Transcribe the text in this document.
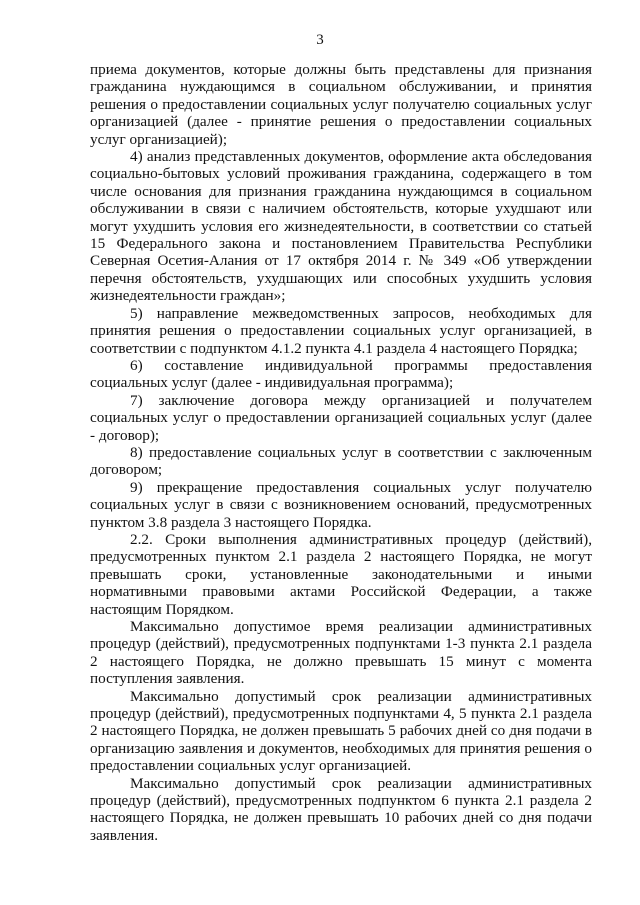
3

приема документов, которые должны быть представлены для признания гражданина нуждающимся в социальном обслуживании, и принятия решения о предоставлении социальных услуг получателю социальных услуг организацией (далее - принятие решения о предоставлении социальных услуг организацией);

4) анализ представленных документов, оформление акта обследования социально-бытовых условий проживания гражданина, содержащего в том числе основания для признания гражданина нуждающимся в социальном обслуживании в связи с наличием обстоятельств, которые ухудшают или могут ухудшить условия его жизнедеятельности, в соответствии со статьей 15 Федерального закона и постановлением Правительства Республики Северная Осетия-Алания от 17 октября 2014 г. № 349 «Об утверждении перечня обстоятельств, ухудшающих или способных ухудшить условия жизнедеятельности граждан»;

5) направление межведомственных запросов, необходимых для принятия решения о предоставлении социальных услуг организацией, в соответствии с подпунктом 4.1.2 пункта 4.1 раздела 4 настоящего Порядка;

6) составление индивидуальной программы предоставления социальных услуг (далее - индивидуальная программа);

7) заключение договора между организацией и получателем социальных услуг о предоставлении организацией социальных услуг (далее - договор);

8) предоставление социальных услуг в соответствии с заключенным договором;

9) прекращение предоставления социальных услуг получателю социальных услуг в связи с возникновением оснований, предусмотренных пунктом 3.8 раздела 3 настоящего Порядка.

2.2. Сроки выполнения административных процедур (действий), предусмотренных пунктом 2.1 раздела 2 настоящего Порядка, не могут превышать сроки, установленные законодательными и иными нормативными правовыми актами Российской Федерации, а также настоящим Порядком.

Максимально допустимое время реализации административных процедур (действий), предусмотренных подпунктами 1-3 пункта 2.1 раздела 2 настоящего Порядка, не должно превышать 15 минут с момента поступления заявления.

Максимально допустимый срок реализации административных процедур (действий), предусмотренных подпунктами 4, 5 пункта 2.1 раздела 2 настоящего Порядка, не должен превышать 5 рабочих дней со дня подачи в организацию заявления и документов, необходимых для принятия решения о предоставлении социальных услуг организацией.

Максимально допустимый срок реализации административных процедур (действий), предусмотренных подпунктом 6 пункта 2.1 раздела 2 настоящего Порядка, не должен превышать 10 рабочих дней со дня подачи заявления.
